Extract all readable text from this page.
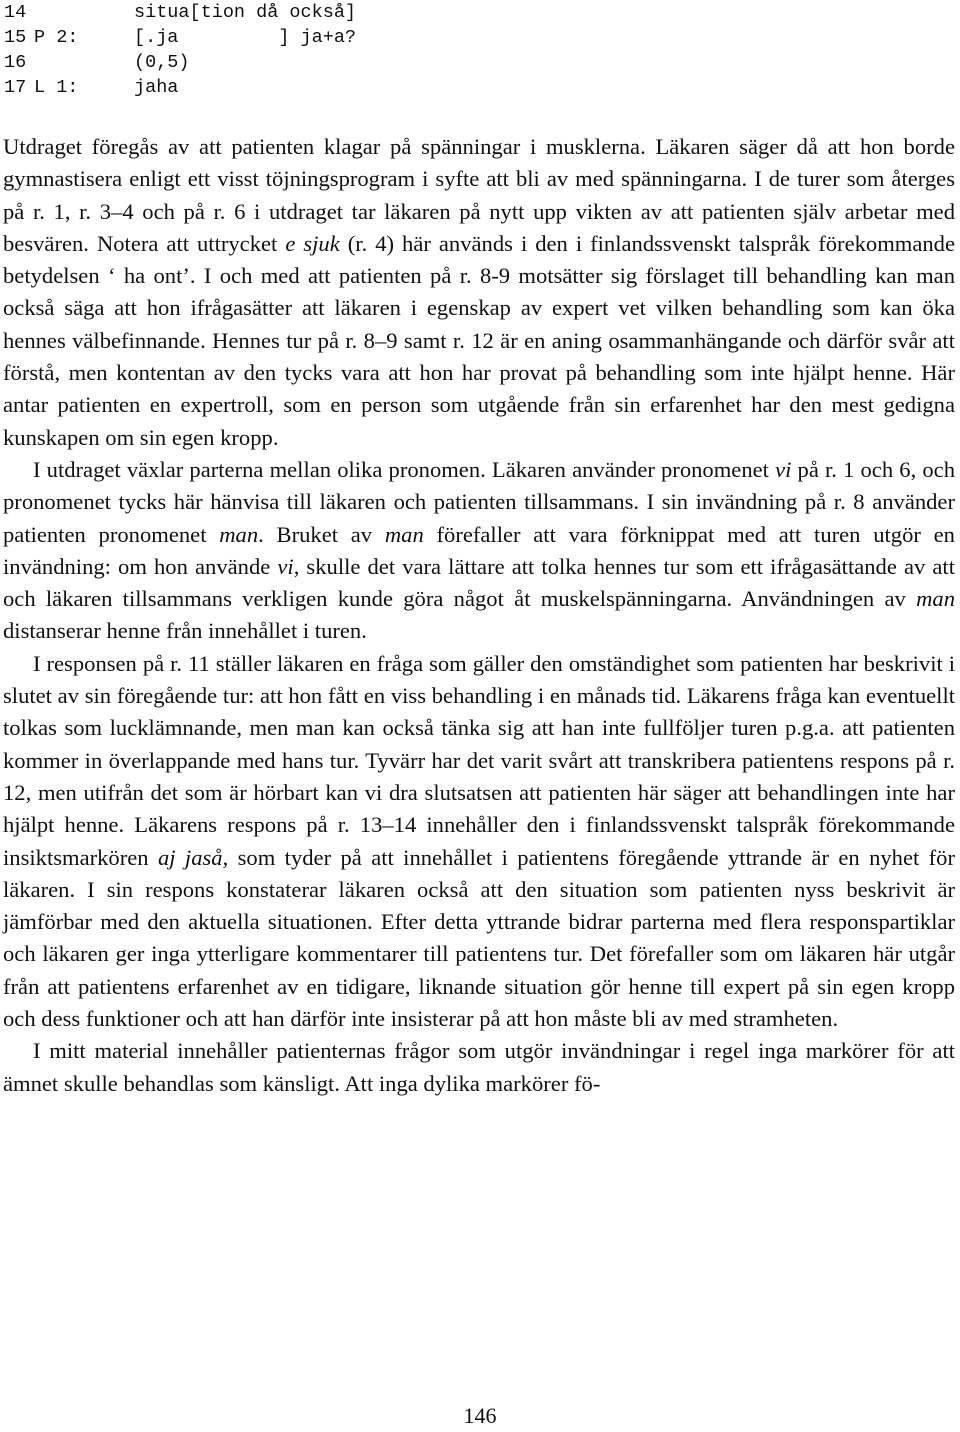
14	situa[tion då också]
15 P 2:	[.ja         ] ja+a?
16	(0,5)
17 L 1:	jaha

Utdraget föregås av att patienten klagar på spänningar i musklerna. Läkaren säger då att hon borde gymnastisera enligt ett visst töjningsprogram i syfte att bli av med spänningarna. I de turer som återges på r. 1, r. 3–4 och på r. 6 i utdraget tar läkaren på nytt upp vikten av att patienten själv arbetar med besvären. Notera att uttrycket e sjuk (r. 4) här används i den i finlandssvenskt talspråk förekommande betydelsen ‘ ha ont’. I och med att patienten på r. 8-9 motsätter sig förslaget till behandling kan man också säga att hon ifrågasätter att läkaren i egenskap av expert vet vilken behandling som kan öka hennes välbefinnande. Hennes tur på r. 8–9 samt r. 12 är en aning osammanhängande och därför svår att förstå, men kontentan av den tycks vara att hon har provat på behandling som inte hjälpt henne. Här antar patienten en expertroll, som en person som utgående från sin erfarenhet har den mest gedigna kunskapen om sin egen kropp.

I utdraget växlar parterna mellan olika pronomen. Läkaren använder pronomenet vi på r. 1 och 6, och pronomenet tycks här hänvisa till läkaren och patienten tillsammans. I sin invändning på r. 8 använder patienten pronomenet man. Bruket av man förefaller att vara förknippat med att turen utgör en invändning: om hon använde vi, skulle det vara lättare att tolka hennes tur som ett ifrågasättande av att och läkaren tillsammans verkligen kunde göra något åt muskelspänningarna. Användningen av man distanserar henne från innehållet i turen.

I responsen på r. 11 ställer läkaren en fråga som gäller den omständighet som patienten har beskrivit i slutet av sin föregående tur: att hon fått en viss behandling i en månads tid. Läkarens fråga kan eventuellt tolkas som lucklämnande, men man kan också tänka sig att han inte fullföljer turen p.g.a. att patienten kommer in överlappande med hans tur. Tyvärr har det varit svårt att transkribera patientens respons på r. 12, men utifrån det som är hörbart kan vi dra slutsatsen att patienten här säger att behandlingen inte har hjälpt henne. Läkarens respons på r. 13–14 innehåller den i finlandssvenskt talspråk förekommande insiktsmarkören aj jaså, som tyder på att innehållet i patientens föregående yttrande är en nyhet för läkaren. I sin respons konstaterar läkaren också att den situation som patienten nyss beskrivit är jämförbar med den aktuella situationen. Efter detta yttrande bidrar parterna med flera responspartiklar och läkaren ger inga ytterligare kommentarer till patientens tur. Det förefaller som om läkaren här utgår från att patientens erfarenhet av en tidigare, liknande situation gör henne till expert på sin egen kropp och dess funktioner och att han därför inte insisterar på att hon måste bli av med stramheten.

I mitt material innehåller patienternas frågor som utgör invändningar i regel inga markörer för att ämnet skulle behandlas som känsligt. Att inga dylika markörer fö-

146
